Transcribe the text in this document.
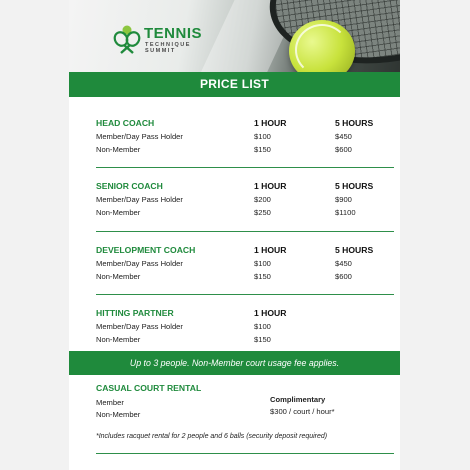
TENNIS
TECHNIQUE
SUMMIT
PRICE LIST
HEAD COACH	1 HOUR	5 HOURS
Member/Day Pass Holder	$100	$450
Non-Member	$150	$600
SENIOR COACH	1 HOUR	5 HOURS
Member/Day Pass Holder	$200	$900
Non-Member	$250	$1100
DEVELOPMENT COACH	1 HOUR	5 HOURS
Member/Day Pass Holder	$100	$450
Non-Member	$150	$600
HITTING PARTNER	1 HOUR
Member/Day Pass Holder	$100
Non-Member	$150
Up to 3 people. Non-Member court usage fee applies.
CASUAL COURT RENTAL
Member	Complimentary
Non-Member	$300 / court / hour*
*Includes racquet rental for 2 people and 6 balls (security deposit required)
